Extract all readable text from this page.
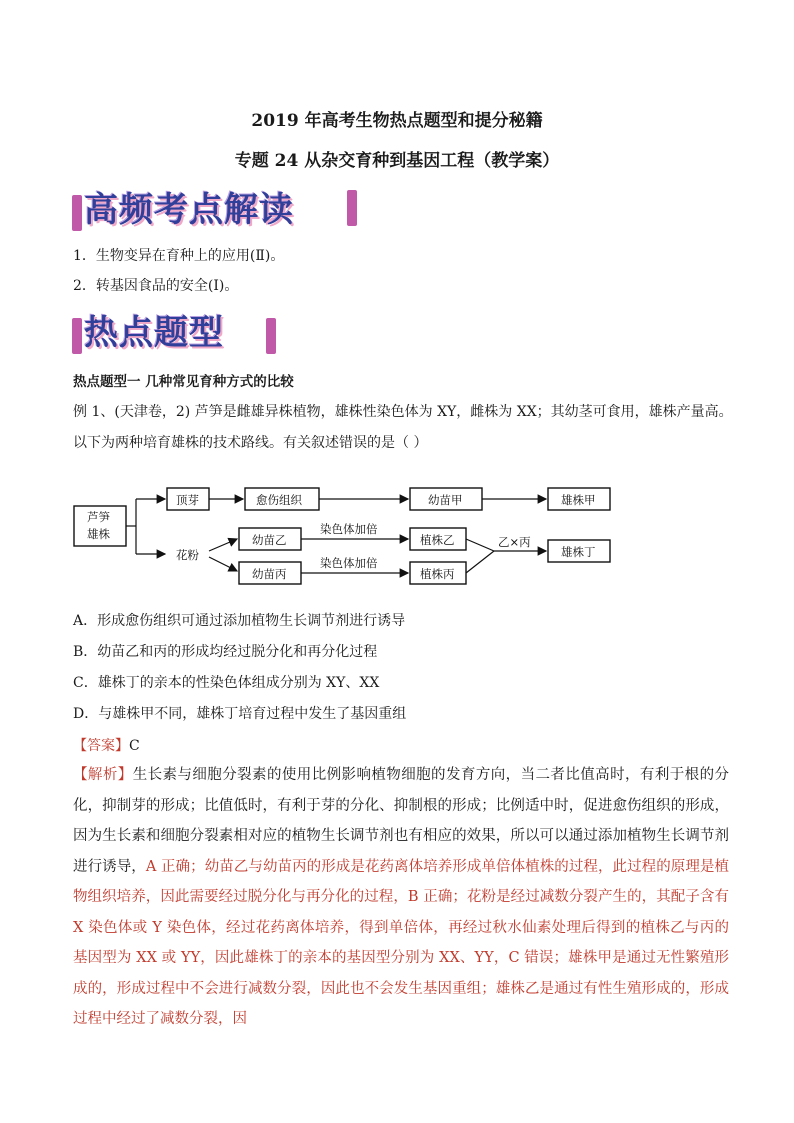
2019 年高考生物热点题型和提分秘籍
专题 24 从杂交育种到基因工程（教学案）
高频考点解读
1．生物变异在育种上的应用(Ⅱ)。
2．转基因食品的安全(Ⅰ)。
热点题型
热点题型一 几种常见育种方式的比较
例 1、(天津卷，2) 芦笋是雌雄异株植物，雄株性染色体为 XY，雌株为 XX；其幼茎可食用，雄株产量高。
以下为两种培育雄株的技术路线。有关叙述错误的是（ ）
芦笋
雄株
顶芽	愈伤组织	幼苗甲	雄株甲
花粉
幼苗乙
幼苗丙
染色体加倍
染色体加倍
植株乙
植株丙
乙×丙
雄株丁
A．形成愈伤组织可通过添加植物生长调节剂进行诱导
B．幼苗乙和丙的形成均经过脱分化和再分化过程
C．雄株丁的亲本的性染色体组成分别为 XY、XX
D．与雄株甲不同，雄株丁培育过程中发生了基因重组
【答案】C
【解析】生长素与细胞分裂素的使用比例影响植物细胞的发育方向，当二者比值高时，有利于根的分化，抑制芽的形成；比值低时，有利于芽的分化、抑制根的形成；比例适中时，促进愈伤组织的形成，因为生长素和细胞分裂素相对应的植物生长调节剂也有相应的效果，所以可以通过添加植物生长调节剂进行诱导，A 正确；幼苗乙与幼苗丙的形成是花药离体培养形成单倍体植株的过程，此过程的原理是植物组织培养，因此需要经过脱分化与再分化的过程，B 正确；花粉是经过减数分裂产生的，其配子含有 X 染色体或 Y 染色体，经过花药离体培养，得到单倍体，再经过秋水仙素处理后得到的植株乙与丙的基因型为 XX 或 YY，因此雄株丁的亲本的基因型分别为 XX、YY，C 错误；雄株甲是通过无性繁殖形成的，形成过程中不会进行减数分裂，因此也不会发生基因重组；雄株乙是通过有性生殖形成的，形成过程中经过了减数分裂，因
